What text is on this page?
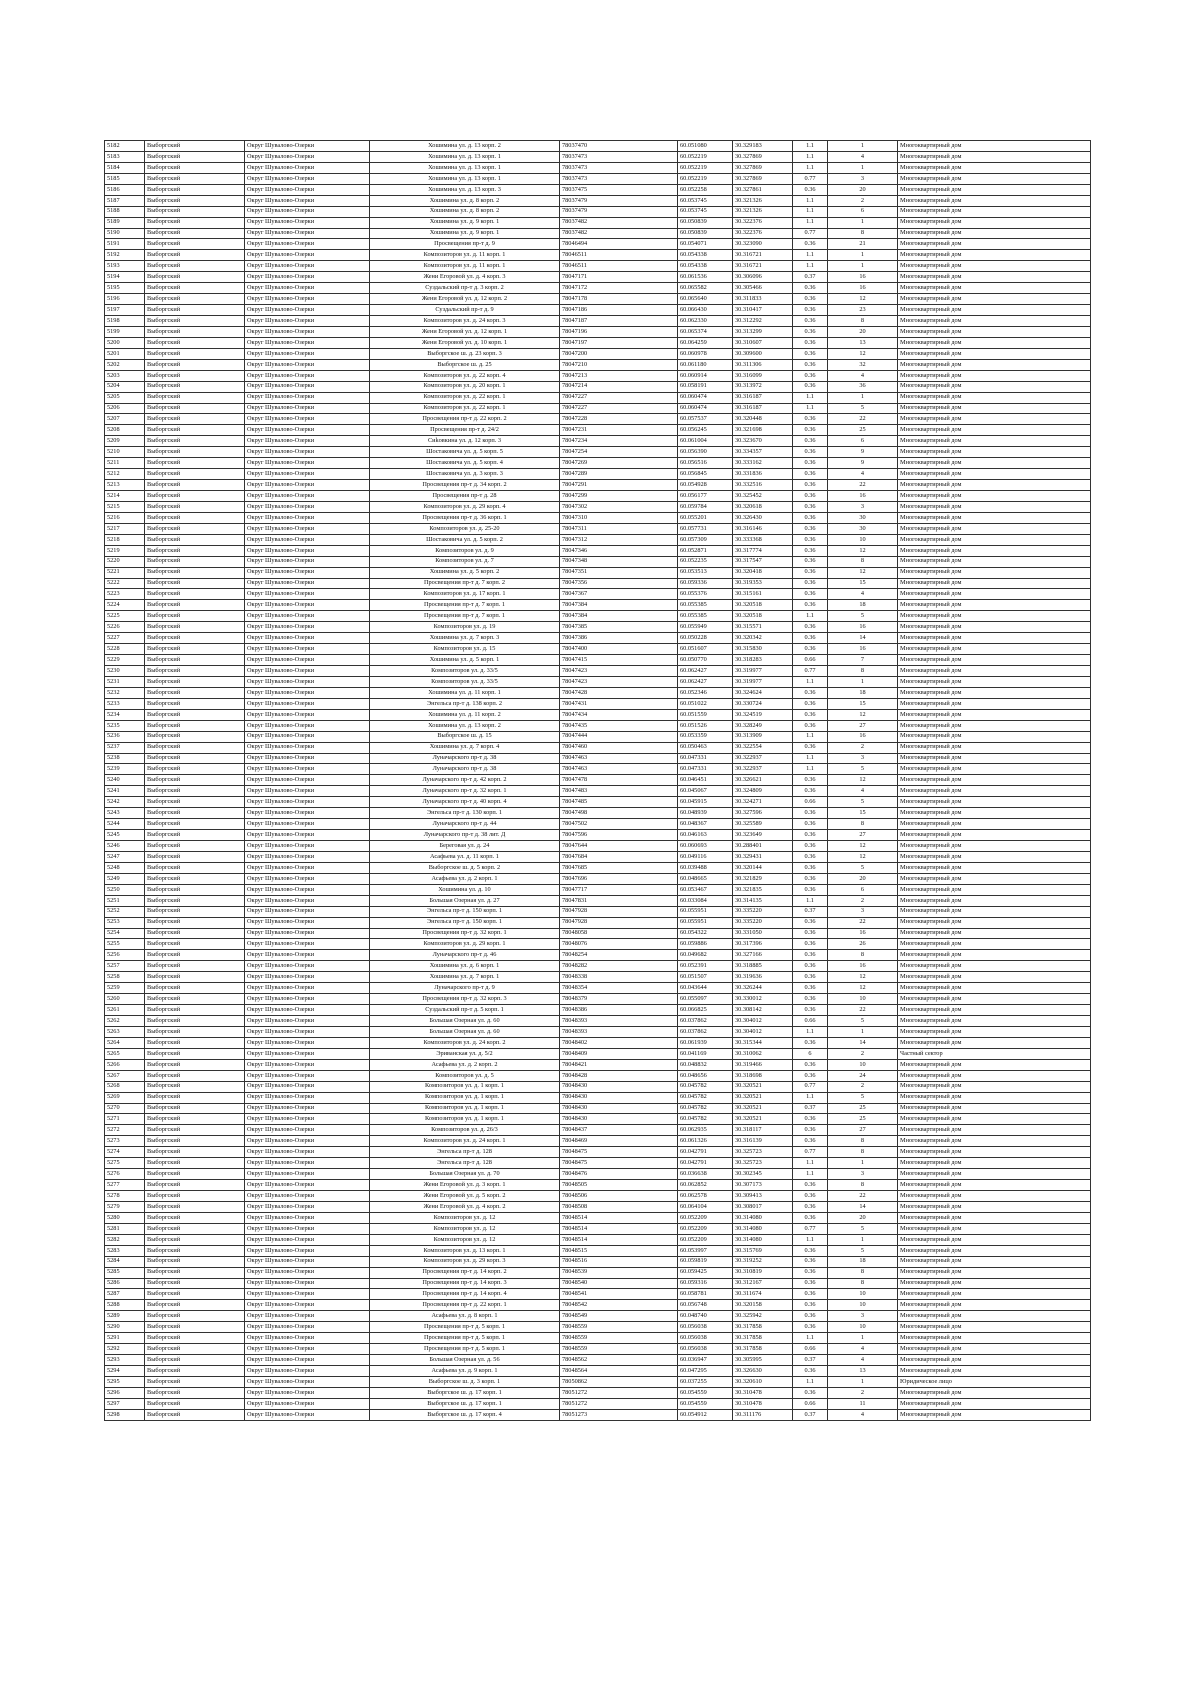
5182	Выборгский	Округ Шувалово-Озерки	Хошимина ул. д. 13 корп. 2	78037470	60.051080	30.329183	1.1	1	Многоквартирный дом
5183	Выборгский	Округ Шувалово-Озерки	Хошимина ул. д. 13 корп. 1	78037473	60.052219	30.327869	1.1	4	Многоквартирный дом
5184	Выборгский	Округ Шувалово-Озерки	Хошимина ул. д. 13 корп. 1	78037473	60.052219	30.327869	1.1	1	Многоквартирный дом
5185	Выборгский	Округ Шувалово-Озерки	Хошимина ул. д. 13 корп. 1	78037473	60.052219	30.327869	0.77	3	Многоквартирный дом
5186	Выборгский	Округ Шувалово-Озерки	Хошимина ул. д. 13 корп. 3	78037475	60.052258	30.327861	0.36	20	Многоквартирный дом
5187	Выборгский	Округ Шувалово-Озерки	Хошимина ул. д. 8 корп. 2	78037479	60.053745	30.321326	1.1	2	Многоквартирный дом
5188	Выборгский	Округ Шувалово-Озерки	Хошимина ул. д. 8 корп. 2	78037479	60.053745	30.321326	1.1	6	Многоквартирный дом
5189	Выборгский	Округ Шувалово-Озерки	Хошимина ул. д. 9 корп. 1	78037482	60.050839	30.322376	1.1	1	Многоквартирный дом
5190	Выборгский	Округ Шувалово-Озерки	Хошимина ул. д. 9 корп. 1	78037482	60.050839	30.322376	0.77	8	Многоквартирный дом
5191	Выборгский	Округ Шувалово-Озерки	Просвещения пр-т д. 9	78046494	60.054071	30.323090	0.36	21	Многоквартирный дом
5192	Выборгский	Округ Шувалово-Озерки	Композиторов ул. д. 11 корп. 1	78046511	60.054338	30.316721	1.1	1	Многоквартирный дом
5193	Выборгский	Округ Шувалово-Озерки	Композиторов ул. д. 11 корп. 1	78046511	60.054338	30.316721	1.1	1	Многоквартирный дом
5194	Выборгский	Округ Шувалово-Озерки	Жени Егоровой ул. д. 4 корп. 3	78047171	60.061536	30.306096	0.37	16	Многоквартирный дом
5195	Выборгский	Округ Шувалово-Озерки	Суздальский пр-т д. 3 корп. 2	78047172	60.065582	30.305466	0.36	16	Многоквартирный дом
5196	Выборгский	Округ Шувалово-Озерки	Жени Егоровой ул. д. 12 корп. 2	78047178	60.065640	30.311833	0.36	12	Многоквартирный дом
5197	Выборгский	Округ Шувалово-Озерки	Суздальский пр-т д. 9	78047186	60.066430	30.310417	0.36	23	Многоквартирный дом
5198	Выборгский	Округ Шувалово-Озерки	Композиторов ул. д. 24 корп. 3	78047187	60.062330	30.312292	0.36	8	Многоквартирный дом
5199	Выборгский	Округ Шувалово-Озерки	Жени Егоровой ул. д. 12 корп. 1	78047196	60.065374	30.313299	0.36	20	Многоквартирный дом
5200	Выборгский	Округ Шувалово-Озерки	Жени Егоровой ул. д. 10 корп. 1	78047197	60.064259	30.310607	0.36	13	Многоквартирный дом
5201	Выборгский	Округ Шувалово-Озерки	Выборгское ш. д. 23 корп. 3	78047200	60.060978	30.309600	0.36	12	Многоквартирный дом
5202	Выборгский	Округ Шувалово-Озерки	Выборгское ш. д. 25	78047210	60.061180	30.311306	0.36	32	Многоквартирный дом
5203	Выборгский	Округ Шувалово-Озерки	Композиторов ул. д. 22 корп. 4	78047213	60.060914	30.316099	0.36	4	Многоквартирный дом
5204	Выборгский	Округ Шувалово-Озерки	Композиторов ул. д. 20 корп. 1	78047214	60.058191	30.313972	0.36	36	Многоквартирный дом
5205	Выборгский	Округ Шувалово-Озерки	Композиторов ул. д. 22 корп. 1	78047227	60.060474	30.316187	1.1	1	Многоквартирный дом
5206	Выборгский	Округ Шувалово-Озерки	Композиторов ул. д. 22 корп. 1	78047227	60.060474	30.316187	1.1	5	Многоквартирный дом
5207	Выборгский	Округ Шувалово-Озерки	Просвещения пр-т д. 22 корп. 2	78047228	60.057537	30.320448	0.36	22	Многоквартирный дом
5208	Выборгский	Округ Шувалово-Озерки	Просвещения пр-т д. 24/2	78047231	60.056245	30.321698	0.36	25	Многоквартирный дом
5209	Выборгский	Округ Шувалово-Озерки	Сиkовкина ул. д. 12 корп. 3	78047234	60.061004	30.323670	0.36	6	Многоквартирный дом
5210	Выборгский	Округ Шувалово-Озерки	Шостаковича ул. д. 5 корп. 5	78047254	60.056390	30.334357	0.36	9	Многоквартирный дом
5211	Выборгский	Округ Шувалово-Озерки	Шостаковича ул. д. 5 корп. 4	78047269	60.056516	30.333162	0.36	9	Многоквартирный дом
5212	Выборгский	Округ Шувалово-Озерки	Шостаковича ул. д. 3 корп. 3	78047289	60.056845	30.331836	0.36	4	Многоквартирный дом
5213	Выборгский	Округ Шувалово-Озерки	Просвещения пр-т д. 34 корп. 2	78047291	60.054928	30.332516	0.36	22	Многоквартирный дом
5214	Выборгский	Округ Шувалово-Озерки	Просвещения пр-т д. 28	78047299	60.056177	30.325452	0.36	16	Многоквартирный дом
5215	Выборгский	Округ Шувалово-Озерки	Композиторов ул. д. 29 корп. 4	78047302	60.059784	30.320618	0.36	3	Многоквартирный дом
5216	Выборгский	Округ Шувалово-Озерки	Просвещения пр-т д. 36 корп. 1	78047310	60.055201	30.326430	0.36	30	Многоквартирный дом
5217	Выборгский	Округ Шувалово-Озерки	Композиторов ул. д. 25-20	78047311	60.057731	30.316146	0.36	30	Многоквартирный дом
5218	Выборгский	Округ Шувалово-Озерки	Шостаковича ул. д. 5 корп. 2	78047312	60.057309	30.333368	0.36	10	Многоквартирный дом
5219	Выборгский	Округ Шувалово-Озерки	Композиторов ул. д. 9	78047346	60.052871	30.317774	0.36	12	Многоквартирный дом
5220	Выборгский	Округ Шувалово-Озерки	Композиторов ул. д. 7	78047348	60.052235	30.317547	0.36	8	Многоквартирный дом
5221	Выборгский	Округ Шувалово-Озерки	Хошимина ул. д. 5 корп. 2	78047351	60.053513	30.320418	0.36	12	Многоквартирный дом
5222	Выборгский	Округ Шувалово-Озерки	Просвещения пр-т д. 7 корп. 2	78047356	60.059336	30.319353	0.36	15	Многоквартирный дом
5223	Выборгский	Округ Шувалово-Озерки	Композиторов ул. д. 17 корп. 1	78047367	60.055376	30.315161	0.36	4	Многоквартирный дом
5224	Выборгский	Округ Шувалово-Озерки	Просвещения пр-т д. 7 корп. 1	78047384	60.055385	30.320518	0.36	18	Многоквартирный дом
5225	Выборгский	Округ Шувалово-Озерки	Просвещения пр-т д. 7 корп. 1	78047384	60.055385	30.320518	1.1	5	Многоквартирный дом
5226	Выборгский	Округ Шувалово-Озерки	Композиторов ул. д. 19	78047385	60.055949	30.315571	0.36	16	Многоквартирный дом
5227	Выборгский	Округ Шувалово-Озерки	Хошимина ул. д. 7 корп. 3	78047386	60.050228	30.320342	0.36	14	Многоквартирный дом
5228	Выборгский	Округ Шувалово-Озерки	Композиторов ул. д. 15	78047400	60.051607	30.315830	0.36	16	Многоквартирный дом
5229	Выборгский	Округ Шувалово-Озерки	Хошимина ул. д. 5 корп. 1	78047415	60.050770	30.318283	0.66	7	Многоквартирный дом
5230	Выборгский	Округ Шувалово-Озерки	Композиторов ул. д. 33/5	78047423	60.062427	30.319977	0.77	8	Многоквартирный дом
5231	Выборгский	Округ Шувалово-Озерки	Композиторов ул. д. 33/5	78047423	60.062427	30.319977	1.1	1	Многоквартирный дом
5232	Выборгский	Округ Шувалово-Озерки	Хошимина ул. д. 11 корп. 1	78047428	60.052346	30.324624	0.36	18	Многоквартирный дом
5233	Выборгский	Округ Шувалово-Озерки	Энгельса пр-т д. 138 корп. 2	78047431	60.051022	30.330724	0.36	15	Многоквартирный дом
5234	Выборгский	Округ Шувалово-Озерки	Хошимина ул. д. 11 корп. 2	78047434	60.051559	30.324519	0.36	12	Многоквартирный дом
5235	Выборгский	Округ Шувалово-Озерки	Хошимина ул. д. 13 корп. 2	78047435	60.051526	30.328249	0.36	27	Многоквартирный дом
5236	Выборгский	Округ Шувалово-Озерки	Выборгское ш. д. 15	78047444	60.053359	30.313909	1.1	16	Многоквартирный дом
5237	Выборгский	Округ Шувалово-Озерки	Хошимина ул. д. 7 корп. 4	78047460	60.050463	30.322554	0.36	2	Многоквартирный дом
5238	Выборгский	Округ Шувалово-Озерки	Луначарского пр-т д. 38	78047463	60.047331	30.322937	1.1	3	Многоквартирный дом
5239	Выборгский	Округ Шувалово-Озерки	Луначарского пр-т д. 38	78047463	60.047331	30.322937	1.1	5	Многоквартирный дом
5240	Выборгский	Округ Шувалово-Озерки	Луначарского пр-т д. 42 корп. 2	78047478	60.046451	30.326621	0.36	12	Многоквартирный дом
5241	Выборгский	Округ Шувалово-Озерки	Луначарского пр-т д. 32 корп. 1	78047483	60.045067	30.324809	0.36	4	Многоквартирный дом
5242	Выборгский	Округ Шувалово-Озерки	Луначарского пр-т д. 40 корп. 4	78047485	60.045915	30.324271	0.66	5	Многоквартирный дом
5243	Выборгский	Округ Шувалово-Озерки	Энгельса пр-т д. 130 корп. 1	78047498	60.048939	30.327596	0.36	15	Многоквартирный дом
5244	Выборгский	Округ Шувалово-Озерки	Луначарского пр-т д. 44	78047502	60.048367	30.325589	0.36	8	Многоквартирный дом
5245	Выборгский	Округ Шувалово-Озерки	Луначарского пр-т д. 38 лит. Д	78047596	60.046163	30.323649	0.36	27	Многоквартирный дом
5246	Выборгский	Округ Шувалово-Озерки	Береговая ул. д. 24	78047644	60.060693	30.288401	0.36	12	Многоквартирный дом
5247	Выборгский	Округ Шувалово-Озерки	Асафьева ул. д. 11 корп. 1	78047684	60.049116	30.329431	0.36	12	Многоквартирный дом
5248	Выборгский	Округ Шувалово-Озерки	Выборгское ш. д. 5 корп. 2	78047685	60.039488	30.320144	0.36	5	Многоквартирный дом
5249	Выборгский	Округ Шувалово-Озерки	Асафьева ул. д. 2 корп. 1	78047696	60.048665	30.321829	0.36	20	Многоквартирный дом
5250	Выборгский	Округ Шувалово-Озерки	Хошимина ул. д. 10	78047717	60.053467	30.321835	0.36	6	Многоквартирный дом
5251	Выборгский	Округ Шувалово-Озерки	Большая Озерная ул. д. 27	78047831	60.033084	30.314135	1.1	2	Многоквартирный дом
5252	Выборгский	Округ Шувалово-Озерки	Энгельса пр-т д. 150 корп. 1	78047928	60.055951	30.335220	0.37	3	Многоквартирный дом
5253	Выборгский	Округ Шувалово-Озерки	Энгельса пр-т д. 150 корп. 1	78047928	60.055951	30.335220	0.36	22	Многоквартирный дом
5254	Выборгский	Округ Шувалово-Озерки	Просвещения пр-т д. 32 корп. 1	78048058	60.054322	30.331050	0.36	16	Многоквартирный дом
5255	Выборгский	Округ Шувалово-Озерки	Композиторов ул. д. 29 корп. 1	78048076	60.059886	30.317396	0.36	26	Многоквартирный дом
5256	Выборгский	Округ Шувалово-Озерки	Луначарского пр-т д. 46	78048254	60.049682	30.327166	0.36	8	Многоквартирный дом
5257	Выборгский	Округ Шувалово-Озерки	Хошимина ул. д. 6 корп. 1	78048282	60.052391	30.318885	0.36	16	Многоквартирный дом
5258	Выборгский	Округ Шувалово-Озерки	Хошимина ул. д. 7 корп. 1	78048338	60.051507	30.319636	0.36	12	Многоквартирный дом
5259	Выборгский	Округ Шувалово-Озерки	Луначарского пр-т д. 9	78048354	60.043644	30.326244	0.36	12	Многоквартирный дом
5260	Выборгский	Округ Шувалово-Озерки	Просвещения пр-т д. 32 корп. 3	78048379	60.055097	30.330012	0.36	10	Многоквартирный дом
5261	Выборгский	Округ Шувалово-Озерки	Суздальский пр-т д. 5 корп. 1	78048386	60.066825	30.308142	0.36	22	Многоквартирный дом
5262	Выборгский	Округ Шувалово-Озерки	Большая Озерная ул. д. 60	78048393	60.037862	30.304012	0.66	5	Многоквартирный дом
5263	Выборгский	Округ Шувалово-Озерки	Большая Озерная ул. д. 60	78048393	60.037862	30.304012	1.1	1	Многоквартирный дом
5264	Выборгский	Округ Шувалово-Озерки	Композиторов ул. д. 24 корп. 2	78048402	60.061939	30.315344	0.36	14	Многоквартирный дом
5265	Выборгский	Округ Шувалово-Озерки	Эриванская ул. д. 5/2	78048409	60.041169	30.310062	6	2	Частный сектор
5266	Выборгский	Округ Шувалово-Озерки	Асафьева ул. д. 2 корп. 2	78048421	60.048832	30.319466	0.36	10	Многоквартирный дом
5267	Выборгский	Округ Шувалово-Озерки	Композиторов ул. д. 5	78048428	60.048656	30.318698	0.36	24	Многоквартирный дом
5268	Выборгский	Округ Шувалово-Озерки	Композиторов ул. д. 1 корп. 1	78048430	60.045782	30.320521	0.77	2	Многоквартирный дом
5269	Выборгский	Округ Шувалово-Озерки	Композиторов ул. д. 1 корп. 1	78048430	60.045782	30.320521	1.1	5	Многоквартирный дом
5270	Выборгский	Округ Шувалово-Озерки	Композиторов ул. д. 1 корп. 1	78048430	60.045782	30.320521	0.37	25	Многоквартирный дом
5271	Выборгский	Округ Шувалово-Озерки	Композиторов ул. д. 1 корп. 1	78048430	60.045782	30.320521	0.36	25	Многоквартирный дом
5272	Выборгский	Округ Шувалово-Озерки	Композиторов ул. д. 26/3	78048437	60.062935	30.318117	0.36	27	Многоквартирный дом
5273	Выборгский	Округ Шувалово-Озерки	Композиторов ул. д. 24 корп. 1	78048469	60.061326	30.316139	0.36	8	Многоквартирный дом
5274	Выборгский	Округ Шувалово-Озерки	Энгельса пр-т д. 128	78048475	60.042791	30.325723	0.77	8	Многоквартирный дом
5275	Выборгский	Округ Шувалово-Озерки	Энгельса пр-т д. 128	78048475	60.042791	30.325723	1.1	1	Многоквартирный дом
5276	Выборгский	Округ Шувалово-Озерки	Большая Озерная ул. д. 70	78048476	60.036638	30.302345	1.1	3	Многоквартирный дом
5277	Выборгский	Округ Шувалово-Озерки	Жени Егоровой ул. д. 3 корп. 1	78048505	60.062852	30.307173	0.36	8	Многоквартирный дом
5278	Выборгский	Округ Шувалово-Озерки	Жени Егоровой ул. д. 5 корп. 2	78048506	60.062578	30.309413	0.36	22	Многоквартирный дом
5279	Выборгский	Округ Шувалово-Озерки	Жени Егоровой ул. д. 4 корп. 2	78048508	60.064104	30.308017	0.36	14	Многоквартирный дом
5280	Выборгский	Округ Шувалово-Озерки	Композиторов ул. д. 12	78048514	60.052209	30.314080	0.36	20	Многоквартирный дом
5281	Выборгский	Округ Шувалово-Озерки	Композиторов ул. д. 12	78048514	60.052209	30.314080	0.77	5	Многоквартирный дом
5282	Выборгский	Округ Шувалово-Озерки	Композиторов ул. д. 12	78048514	60.052209	30.314080	1.1	1	Многоквартирный дом
5283	Выборгский	Округ Шувалово-Озерки	Композиторов ул. д. 13 корп. 1	78048515	60.053997	30.315769	0.36	5	Многоквартирный дом
5284	Выборгский	Округ Шувалово-Озерки	Композиторов ул. д. 29 корп. 3	78048516	60.059819	30.319252	0.36	18	Многоквартирный дом
5285	Выборгский	Округ Шувалово-Озерки	Просвещения пр-т д. 14 корп. 2	78048539	60.059425	30.310819	0.36	8	Многоквартирный дом
5286	Выборгский	Округ Шувалово-Озерки	Просвещения пр-т д. 14 корп. 3	78048540	60.059316	30.312167	0.36	8	Многоквартирный дом
5287	Выборгский	Округ Шувалово-Озерки	Просвещения пр-т д. 14 корп. 4	78048541	60.058781	30.311674	0.36	10	Многоквартирный дом
5288	Выборгский	Округ Шувалово-Озерки	Просвещения пр-т д. 22 корп. 1	78048542	60.056748	30.320158	0.36	10	Многоквартирный дом
5289	Выборгский	Округ Шувалово-Озерки	Асафьева ул. д. 8 корп. 1	78048549	60.048740	30.325942	0.36	3	Многоквартирный дом
5290	Выборгский	Округ Шувалово-Озерки	Просвещения пр-т д. 5 корп. 1	78048559	60.056038	30.317858	0.36	10	Многоквартирный дом
5291	Выборгский	Округ Шувалово-Озерки	Просвещения пр-т д. 5 корп. 1	78048559	60.056038	30.317858	1.1	1	Многоквартирный дом
5292	Выборгский	Округ Шувалово-Озерки	Просвещения пр-т д. 5 корп. 1	78048559	60.056038	30.317858	0.66	4	Многоквартирный дом
5293	Выборгский	Округ Шувалово-Озерки	Большая Озерная ул. д. 56	78048562	60.036947	30.305995	0.37	4	Многоквартирный дом
5294	Выборгский	Округ Шувалово-Озерки	Асафьева ул. д. 9 корп. 1	78048564	60.047295	30.326630	0.36	13	Многоквартирный дом
5295	Выборгский	Округ Шувалово-Озерки	Выборгское ш. д. 3 корп. 1	78050862	60.037255	30.320610	1.1	1	Юридическое лицо
5296	Выборгский	Округ Шувалово-Озерки	Выборгское ш. д. 17 корп. 1	78051272	60.054559	30.310478	0.36	2	Многоквартирный дом
5297	Выборгский	Округ Шувалово-Озерки	Выборгское ш. д. 17 корп. 1	78051272	60.054559	30.310478	0.66	11	Многоквартирный дом
5298	Выборгский	Округ Шувалово-Озерки	Выборгское ш. д. 17 корп. 4	78051273	60.054912	30.311176	0.37	4	Многоквартирный дом
